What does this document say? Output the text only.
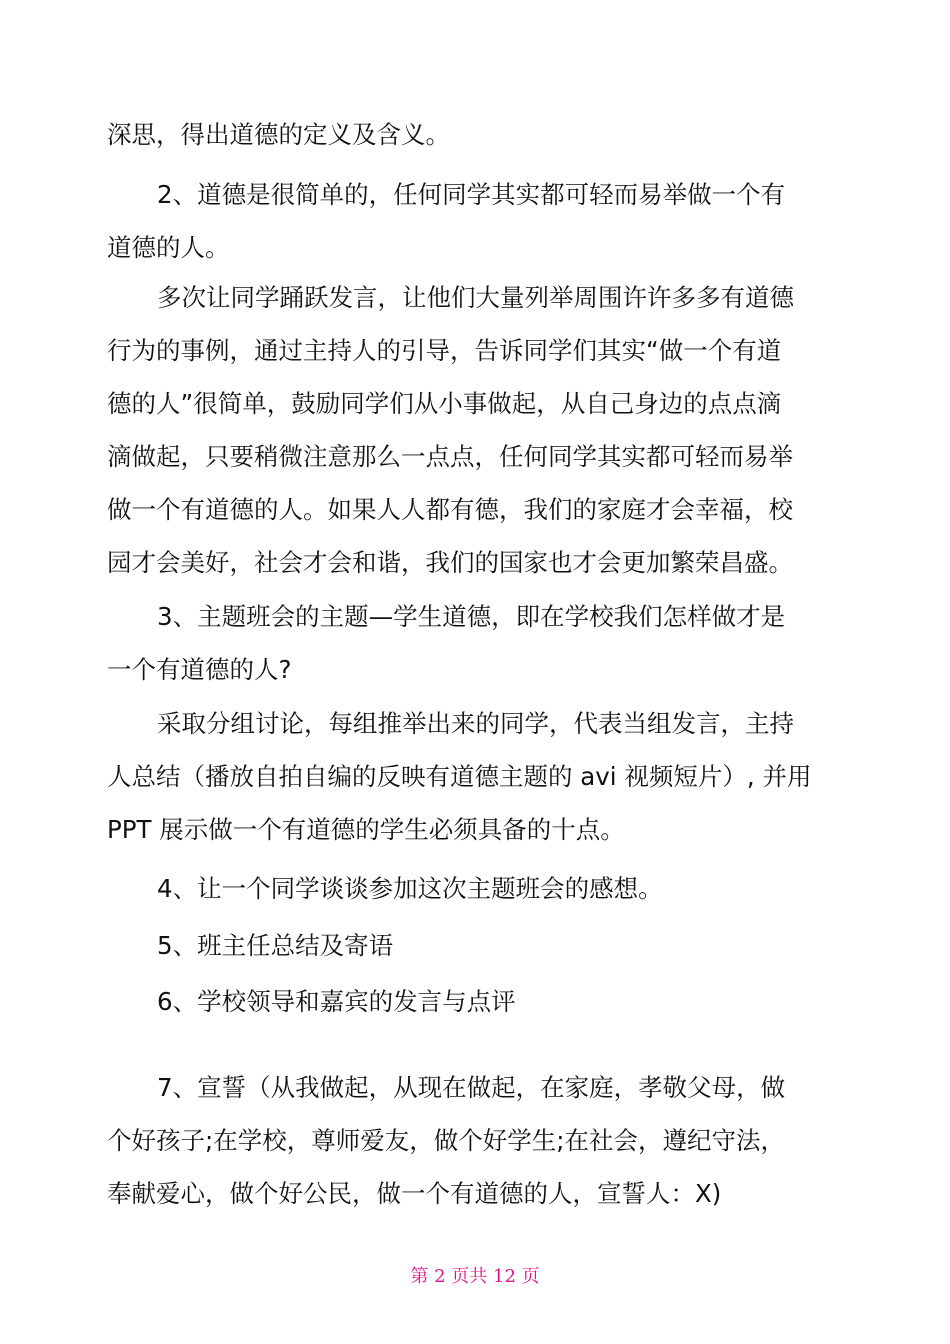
深思，得出道德的定义及含义。
2、道德是很简单的，任何同学其实都可轻而易举做一个有
道德的人。
多次让同学踊跃发言，让他们大量列举周围许许多多有道德
行为的事例，通过主持人的引导，告诉同学们其实“做一个有道
德的人”很简单，鼓励同学们从小事做起，从自己身边的点点滴
滴做起，只要稍微注意那么一点点，任何同学其实都可轻而易举
做一个有道德的人。如果人人都有德，我们的家庭才会幸福，校
园才会美好，社会才会和谐，我们的国家也才会更加繁荣昌盛。
3、主题班会的主题—学生道德，即在学校我们怎样做才是
一个有道德的人?
采取分组讨论，每组推举出来的同学，代表当组发言，主持
人总结（播放自拍自编的反映有道德主题的 avi 视频短片）, 并用
PPT 展示做一个有道德的学生必须具备的十点。
4、让一个同学谈谈参加这次主题班会的感想。
5、班主任总结及寄语
6、学校领导和嘉宾的发言与点评
7、宣誓（从我做起，从现在做起，在家庭，孝敬父母，做
个好孩子;在学校，尊师爱友，做个好学生;在社会，遵纪守法，
奉献爱心，做个好公民，做一个有道德的人，宣誓人：X)

第 2 页共 12 页
